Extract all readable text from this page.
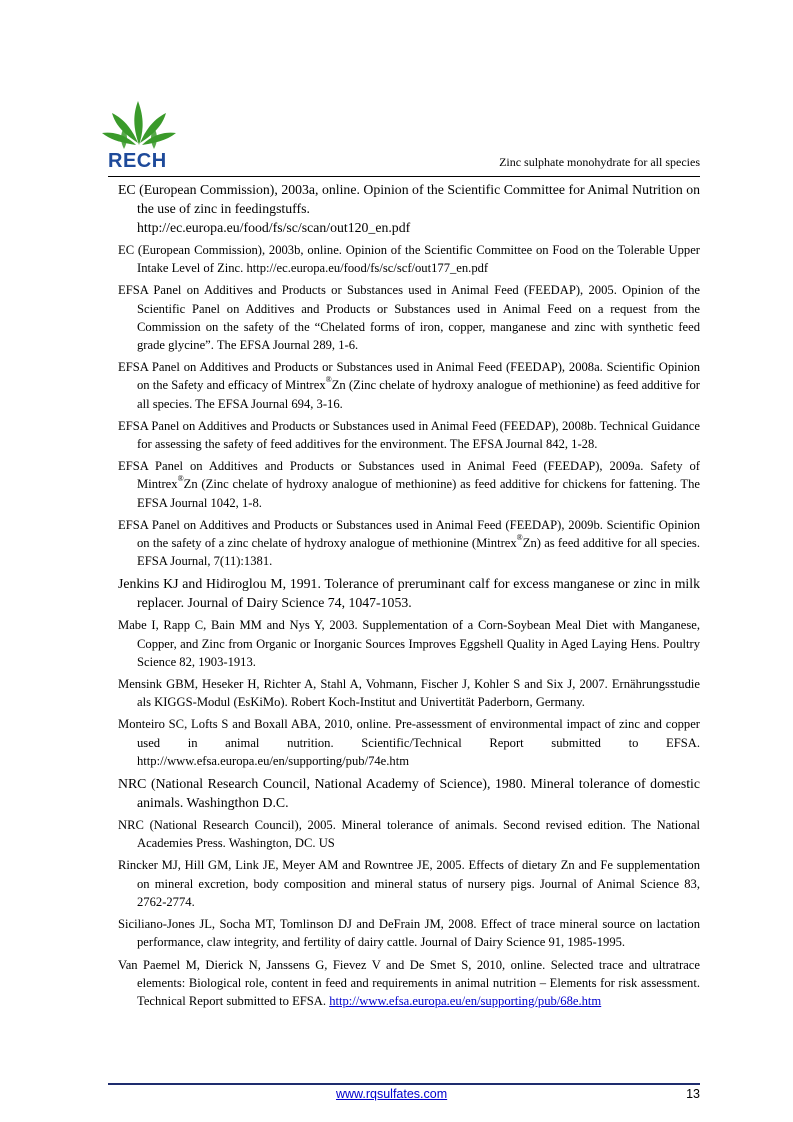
RECH	Zinc sulphate monohydrate for all species

EC (European Commission), 2003a, online. Opinion of the Scientific Committee for Animal Nutrition on the use of zinc in feedingstuffs.
http://ec.europa.eu/food/fs/sc/scan/out120_en.pdf

EC (European Commission), 2003b, online. Opinion of the Scientific Committee on Food on the Tolerable Upper Intake Level of Zinc. http://ec.europa.eu/food/fs/sc/scf/out177_en.pdf

EFSA Panel on Additives and Products or Substances used in Animal Feed (FEEDAP), 2005. Opinion of the Scientific Panel on Additives and Products or Substances used in Animal Feed on a request from the Commission on the safety of the “Chelated forms of iron, copper, manganese and zinc with synthetic feed grade glycine”. The EFSA Journal 289, 1-6.

EFSA Panel on Additives and Products or Substances used in Animal Feed (FEEDAP), 2008a. Scientific Opinion on the Safety and efficacy of Mintrex®Zn (Zinc chelate of hydroxy analogue of methionine) as feed additive for all species. The EFSA Journal 694, 3-16.

EFSA Panel on Additives and Products or Substances used in Animal Feed (FEEDAP), 2008b. Technical Guidance for assessing the safety of feed additives for the environment. The EFSA Journal 842, 1-28.

EFSA Panel on Additives and Products or Substances used in Animal Feed (FEEDAP), 2009a. Safety of Mintrex®Zn (Zinc chelate of hydroxy analogue of methionine) as feed additive for chickens for fattening. The EFSA Journal 1042, 1-8.

EFSA Panel on Additives and Products or Substances used in Animal Feed (FEEDAP), 2009b. Scientific Opinion on the safety of a zinc chelate of hydroxy analogue of methionine (Mintrex®Zn) as feed additive for all species. EFSA Journal, 7(11):1381.

Jenkins KJ and Hidiroglou M, 1991. Tolerance of preruminant calf for excess manganese or zinc in milk replacer. Journal of Dairy Science 74, 1047-1053.

Mabe I, Rapp C, Bain MM and Nys Y, 2003. Supplementation of a Corn-Soybean Meal Diet with Manganese, Copper, and Zinc from Organic or Inorganic Sources Improves Eggshell Quality in Aged Laying Hens. Poultry Science 82, 1903-1913.

Mensink GBM, Heseker H, Richter A, Stahl A, Vohmann, Fischer J, Kohler S and Six J, 2007. Ernährungsstudie als KIGGS-Modul (EsKiMo). Robert Koch-Institut and Univertität Paderborn, Germany.

Monteiro SC, Lofts S and Boxall ABA, 2010, online. Pre-assessment of environmental impact of zinc and copper used in animal nutrition. Scientific/Technical Report submitted to EFSA. http://www.efsa.europa.eu/en/supporting/pub/74e.htm

NRC (National Research Council, National Academy of Science), 1980. Mineral tolerance of domestic animals. Washingthon D.C.

NRC (National Research Council), 2005. Mineral tolerance of animals. Second revised edition. The National Academies Press. Washington, DC. US

Rincker MJ, Hill GM, Link JE, Meyer AM and Rowntree JE, 2005. Effects of dietary Zn and Fe supplementation on mineral excretion, body composition and mineral status of nursery pigs. Journal of Animal Science 83, 2762-2774.

Siciliano-Jones JL, Socha MT, Tomlinson DJ and DeFrain JM, 2008. Effect of trace mineral source on lactation performance, claw integrity, and fertility of dairy cattle. Journal of Dairy Science 91, 1985-1995.

Van Paemel M, Dierick N, Janssens G, Fievez V and De Smet S, 2010, online. Selected trace and ultratrace elements: Biological role, content in feed and requirements in animal nutrition – Elements for risk assessment. Technical Report submitted to EFSA. http://www.efsa.europa.eu/en/supporting/pub/68e.htm

www.rqsulfates.com	13
